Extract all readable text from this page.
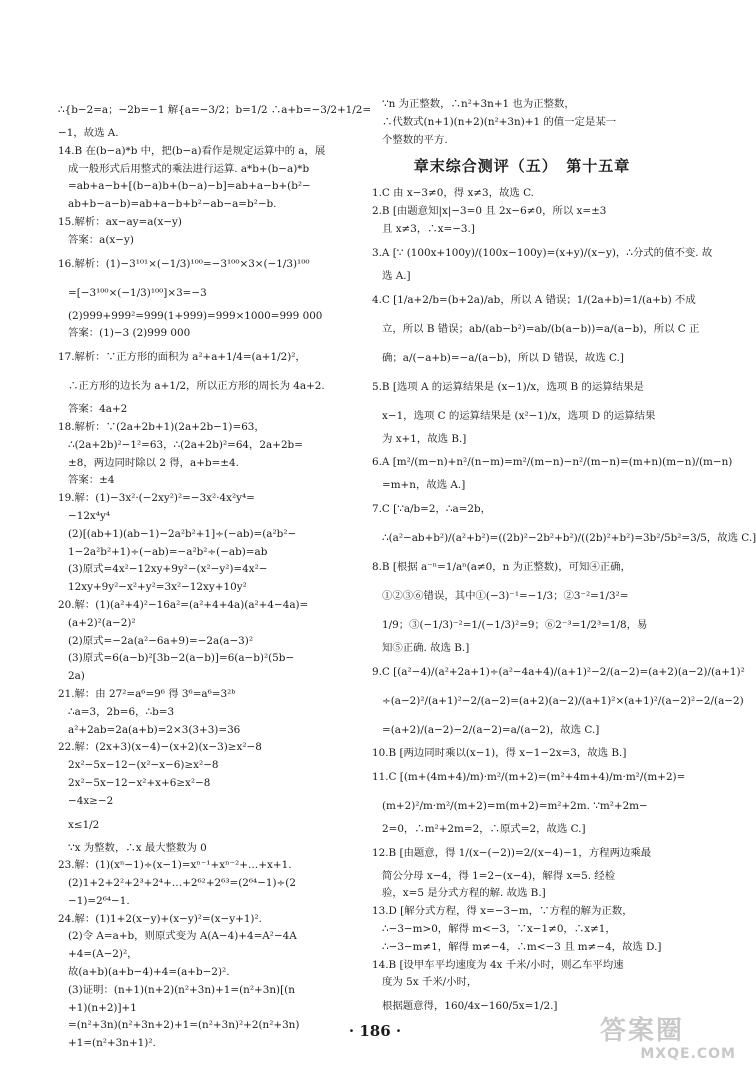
∴{b−2=a；−2b=−1 解{a=−3/2；b=1/2 ∴a+b=−3/2+1/2=
−1，故选 A.
14.B 在(b−a)*b 中，把(b−a)看作是规定运算中的 a，展
成一般形式后用整式的乘法进行运算. a*b+(b−a)*b
=ab+a−b+[(b−a)b+(b−a)−b]=ab+a−b+(b²−
ab+b−a−b)=ab+a−b+b²−ab−a=b²−b.
15.解析：ax−ay=a(x−y)
答案：a(x−y)
16.解析：(1)−3¹⁰¹×(−1/3)¹⁰⁰=−3¹⁰⁰×3×(−1/3)¹⁰⁰
=[−3¹⁰⁰×(−1/3)¹⁰⁰]×3=−3
(2)999+999²=999(1+999)=999×1000=999 000
答案：(1)−3 (2)999 000
17.解析：∵正方形的面积为 a²+a+1/4=(a+1/2)²，
∴正方形的边长为 a+1/2，所以正方形的周长为 4a+2.
答案：4a+2
18.解析：∵(2a+2b+1)(2a+2b−1)=63，
∴(2a+2b)²−1²=63，∴(2a+2b)²=64，2a+2b=
±8，两边同时除以 2 得，a+b=±4.
答案：±4
19.解：(1)−3x²·(−2xy²)²=−3x²·4x²y⁴=
−12x⁴y⁴
(2)[(ab+1)(ab−1)−2a²b²+1]÷(−ab)=(a²b²−
1−2a²b²+1)÷(−ab)=−a²b²÷(−ab)=ab
(3)原式=4x²−12xy+9y²−(x²−y²)=4x²−
12xy+9y²−x²+y²=3x²−12xy+10y²
20.解：(1)(a²+4)²−16a²=(a²+4+4a)(a²+4−4a)=
(a+2)²(a−2)²
(2)原式=−2a(a²−6a+9)=−2a(a−3)²
(3)原式=6(a−b)²[3b−2(a−b)]=6(a−b)²(5b−
2a)
21.解：由 27²=a⁶=9⁶ 得 3⁶=a⁶=3²ᵇ
∴a=3，2b=6，∴b=3
a²+2ab=2a(a+b)=2×3(3+3)=36
22.解：(2x+3)(x−4)−(x+2)(x−3)≥x²−8
2x²−5x−12−(x²−x−6)≥x²−8
2x²−5x−12−x²+x+6≥x²−8
−4x≥−2
x≤1/2
∵x 为整数，∴x 最大整数为 0
23.解：(1)(xⁿ−1)÷(x−1)=xⁿ⁻¹+xⁿ⁻²+…+x+1.
(2)1+2+2²+2³+2⁴+…+2⁶²+2⁶³=(2⁶⁴−1)÷(2
−1)=2⁶⁴−1.
24.解：(1)1+2(x−y)+(x−y)²=(x−y+1)².
(2)令 A=a+b，则原式变为 A(A−4)+4=A²−4A
+4=(A−2)²，
故(a+b)(a+b−4)+4=(a+b−2)².
(3)证明：(n+1)(n+2)(n²+3n)+1=(n²+3n)[(n
+1)(n+2)]+1
=(n²+3n)(n²+3n+2)+1=(n²+3n)²+2(n²+3n)
+1=(n²+3n+1)².
∵n 为正整数，∴n²+3n+1 也为正整数，
∴代数式(n+1)(n+2)(n²+3n)+1 的值一定是某一
个整数的平方.
章末综合测评（五）　第十五章
1.C 由 x−3≠0，得 x≠3，故选 C.
2.B [由题意知|x|−3=0 且 2x−6≠0，所以 x=±3
且 x≠3，∴x=−3.]
3.A [∵ (100x+100y)/(100x−100y)=(x+y)/(x−y)，∴分式的值不变. 故
选 A.]
4.C [1/a+2/b=(b+2a)/ab，所以 A 错误；1/(2a+b)=1/(a+b) 不成
立，所以 B 错误；ab/(ab−b²)=ab/(b(a−b))=a/(a−b)，所以 C 正
确；a/(−a+b)=−a/(a−b)，所以 D 错误，故选 C.]
5.B [选项 A 的运算结果是 (x−1)/x，选项 B 的运算结果是
x−1，选项 C 的运算结果是 (x²−1)/x，选项 D 的运算结果
为 x+1，故选 B.]
6.A [m²/(m−n)+n²/(n−m)=m²/(m−n)−n²/(m−n)=(m+n)(m−n)/(m−n)
=m+n，故选 A.]
7.C [∵a/b=2，∴a=2b，
∴(a²−ab+b²)/(a²+b²)=((2b)²−2b²+b²)/((2b)²+b²)=3b²/5b²=3/5，故选 C.]
8.B [根据 a⁻ⁿ=1/aⁿ(a≠0，n 为正整数)，可知④正确，
①②③⑥错误，其中①(−3)⁻¹=−1/3；②3⁻²=1/3²=
1/9；③(−1/3)⁻²=1/(−1/3)²=9；⑥2⁻³=1/2³=1/8，易
知⑤正确. 故选 B.]
9.C [(a²−4)/(a²+2a+1)÷(a²−4a+4)/(a+1)²−2/(a−2)=(a+2)(a−2)/(a+1)²
÷(a−2)²/(a+1)²−2/(a−2)=(a+2)(a−2)/(a+1)²×(a+1)²/(a−2)²−2/(a−2)
=(a+2)/(a−2)−2/(a−2)=a/(a−2)，故选 C.]
10.B [两边同时乘以(x−1)，得 x−1−2x=3，故选 B.]
11.C [(m+(4m+4)/m)·m²/(m+2)=(m²+4m+4)/m·m²/(m+2)=
(m+2)²/m·m²/(m+2)=m(m+2)=m²+2m. ∵m²+2m−
2=0，∴m²+2m=2，∴原式=2，故选 C.]
12.B [由题意，得 1/(x−(−2))=2/(x−4)−1，方程两边乘最
简公分母 x−4，得 1=2−(x−4)，解得 x=5. 经检
验，x=5 是分式方程的解. 故选 B.]
13.D [解分式方程，得 x=−3−m，∵方程的解为正数，
∴−3−m>0，解得 m<−3，∵x−1≠0，∴x≠1，
∴−3−m≠1，解得 m≠−4，∴m<−3 且 m≠−4，故选 D.]
14.B [设甲车平均速度为 4x 千米/小时，则乙车平均速
度为 5x 千米/小时，
根据题意得，160/4x−160/5x=1/2.]
· 186 ·	答案圈
MXQE.COM
